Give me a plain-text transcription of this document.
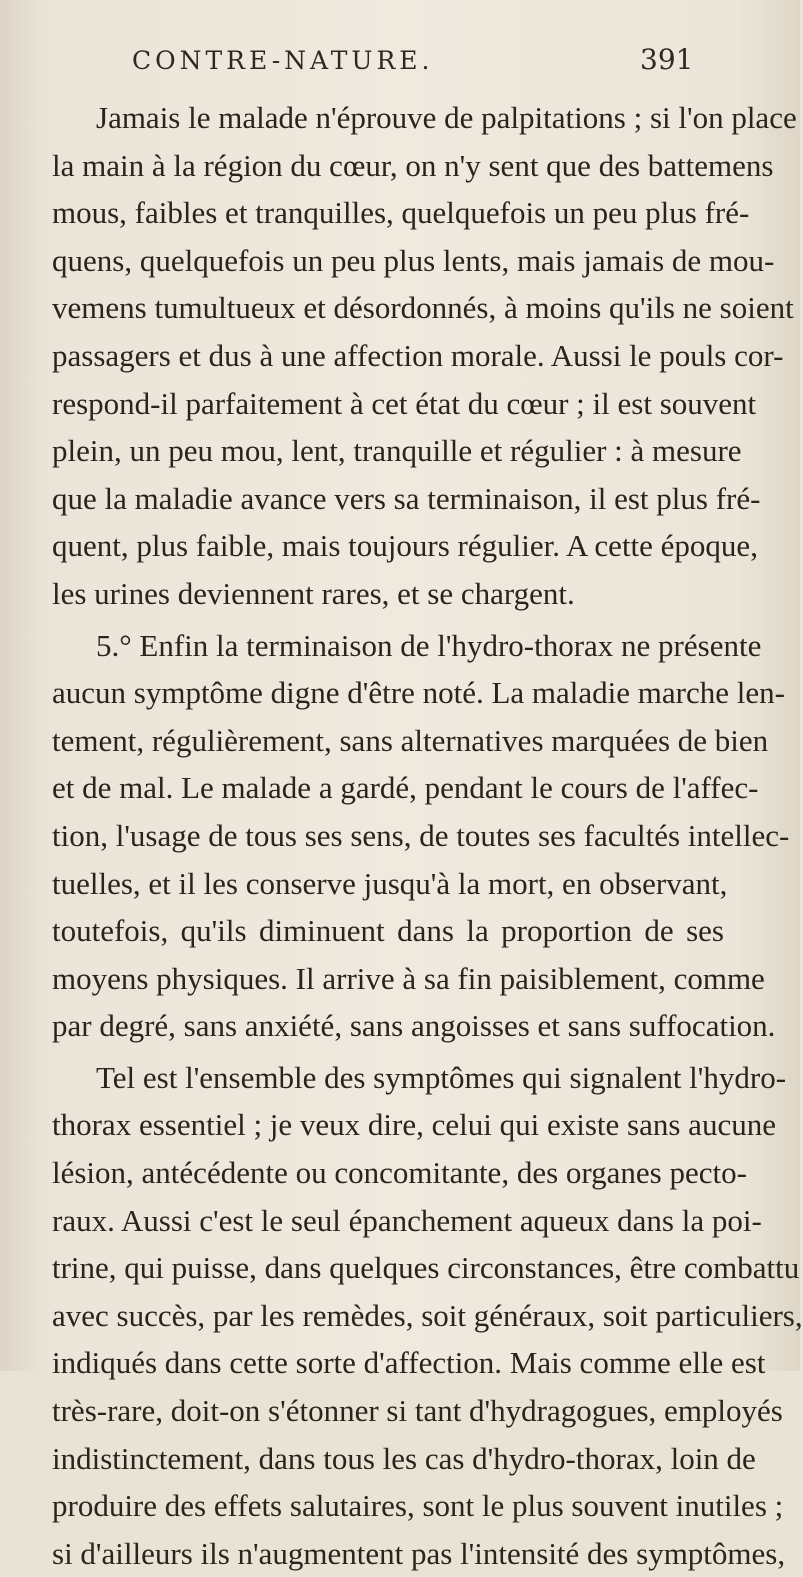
CONTRE-NATURE.	391
Jamais le malade n'éprouve de palpitations ; si l'on place
la main à la région du cœur, on n'y sent que des battemens
mous, faibles et tranquilles, quelquefois un peu plus fré-
quens, quelquefois un peu plus lents, mais jamais de mou-
vemens tumultueux et désordonnés, à moins qu'ils ne soient
passagers et dus à une affection morale. Aussi le pouls cor-
respond-il parfaitement à cet état du cœur ; il est souvent
plein, un peu mou, lent, tranquille et régulier : à mesure
que la maladie avance vers sa terminaison, il est plus fré-
quent, plus faible, mais toujours régulier. A cette époque,
les urines deviennent rares, et se chargent.
5.° Enfin la terminaison de l'hydro-thorax ne présente
aucun symptôme digne d'être noté. La maladie marche len-
tement, régulièrement, sans alternatives marquées de bien
et de mal. Le malade a gardé, pendant le cours de l'affec-
tion, l'usage de tous ses sens, de toutes ses facultés intellec-
tuelles, et il les conserve jusqu'à la mort, en observant,
toutefois, qu'ils diminuent dans la proportion de ses
moyens physiques. Il arrive à sa fin paisiblement, comme
par degré, sans anxiété, sans angoisses et sans suffocation.
Tel est l'ensemble des symptômes qui signalent l'hydro-
thorax essentiel ; je veux dire, celui qui existe sans aucune
lésion, antécédente ou concomitante, des organes pecto-
raux. Aussi c'est le seul épanchement aqueux dans la poi-
trine, qui puisse, dans quelques circonstances, être combattu
avec succès, par les remèdes, soit généraux, soit particuliers,
indiqués dans cette sorte d'affection. Mais comme elle est
très-rare, doit-on s'étonner si tant d'hydragogues, employés
indistinctement, dans tous les cas d'hydro-thorax, loin de
produire des effets salutaires, sont le plus souvent inutiles ;
si d'ailleurs ils n'augmentent pas l'intensité des symptômes,
